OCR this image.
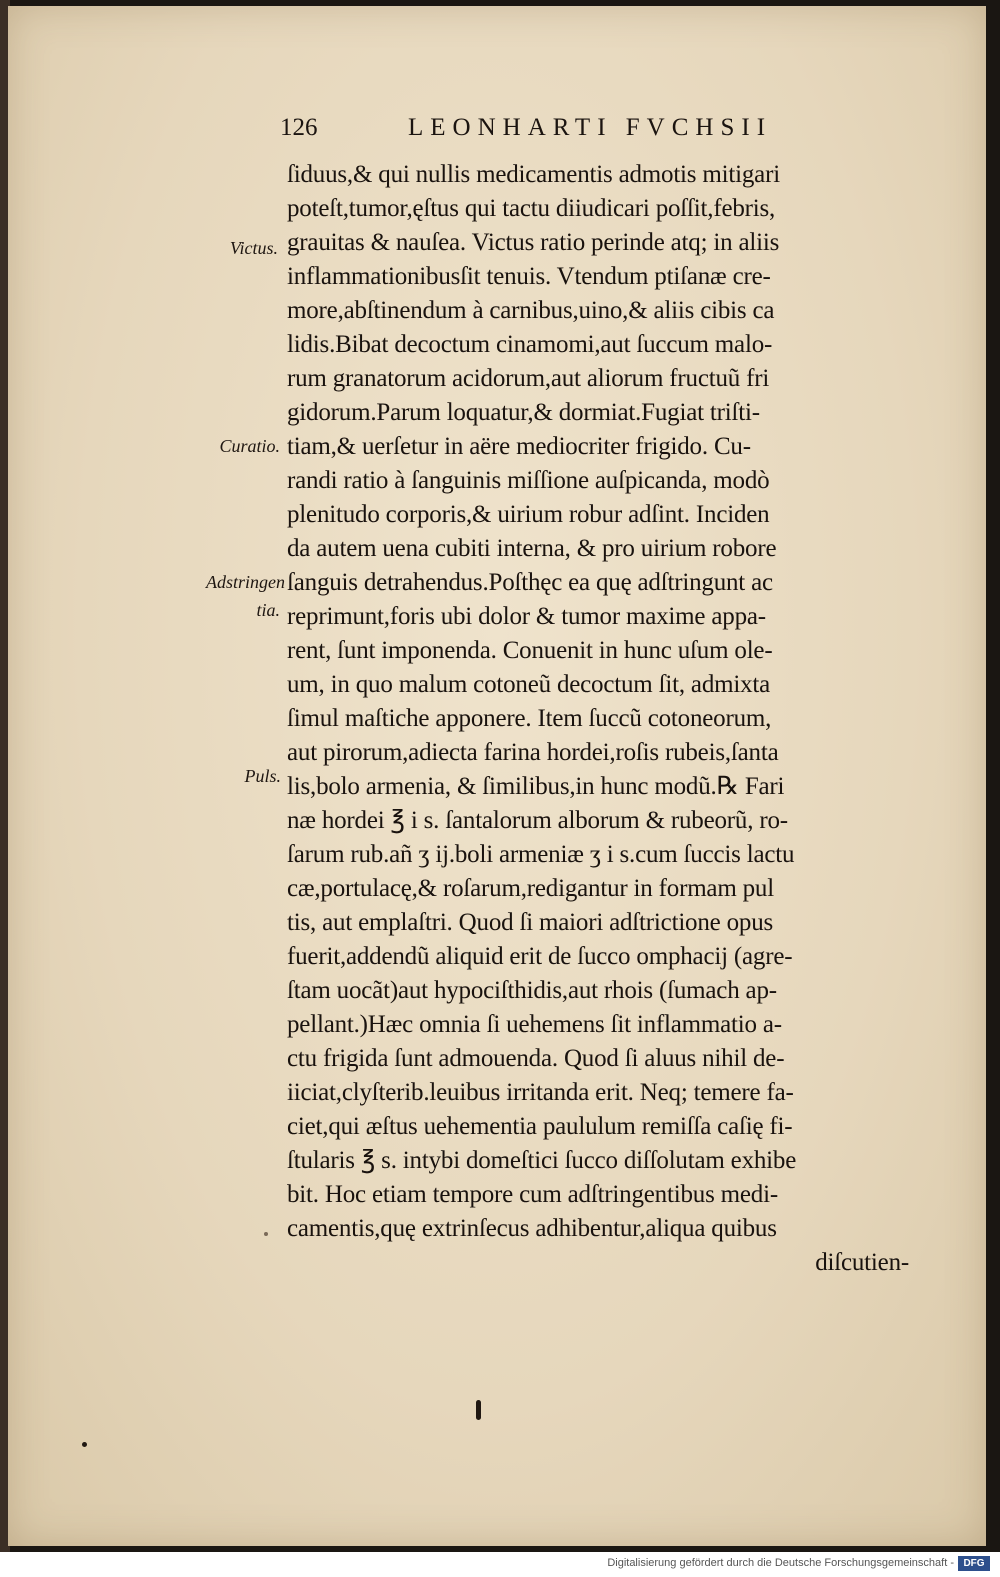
126	LEONHARTI FVCHSII
Victus.
Curatio.
Adstringen
tia.
Puls.
ſiduus,& qui nullis medicamentis admotis mitigari
poteſt,tumor,ęſtus qui tactu diiudicari poſſit,febris,
grauitas & nauſea. Victus ratio perinde atq; in aliis
inflammationibusſit tenuis. Vtendum ptiſanæ cre-
more,abſtinendum à carnibus,uino,& aliis cibis ca
lidis.Bibat decoctum cinamomi,aut ſuccum malo-
rum granatorum acidorum,aut aliorum fructuũ fri
gidorum.Parum loquatur,& dormiat.Fugiat triſti-
tiam,& uerſetur in aëre mediocriter frigido. Cu-
randi ratio à ſanguinis miſſione auſpicanda, modò
plenitudo corporis,& uirium robur adſint. Inciden
da autem uena cubiti interna, & pro uirium robore
ſanguis detrahendus.Poſthęc ea quę adſtringunt ac
reprimunt,foris ubi dolor & tumor maxime appa-
rent, ſunt imponenda. Conuenit in hunc uſum ole-
um, in quo malum cotoneũ decoctum ſit, admixta
ſimul maſtiche apponere. Item ſuccũ cotoneorum,
aut pirorum,adiecta farina hordei,roſis rubeis,ſanta
lis,bolo armenia, & ſimilibus,in hunc modũ.℞ Fari
næ hordei ℥ i s. ſantalorum alborum & rubeorũ, ro-
ſarum rub.añ ʒ ij.boli armeniæ ʒ i s.cum ſuccis lactu
cæ,portulacę,& roſarum,redigantur in formam pul
tis, aut emplaſtri. Quod ſi maiori adſtrictione opus
fuerit,addendũ aliquid erit de ſucco omphacij (agre-
ſtam uocãt)aut hypociſthidis,aut rhois (ſumach ap-
pellant.)Hæc omnia ſi uehemens ſit inflammatio a-
ctu frigida ſunt admouenda. Quod ſi aluus nihil de-
iiciat,clyſterib.leuibus irritanda erit. Neq; temere fa-
ciet,qui æſtus uehementia paululum remiſſa caſię fi-
ſtularis ℥ s. intybi domeſtici ſucco diſſolutam exhibe
bit. Hoc etiam tempore cum adſtringentibus medi-
camentis,quę extrinſecus adhibentur,aliqua quibus
diſcutien-
Digitalisierung gefördert durch die Deutsche Forschungsgemeinschaft - DFG
